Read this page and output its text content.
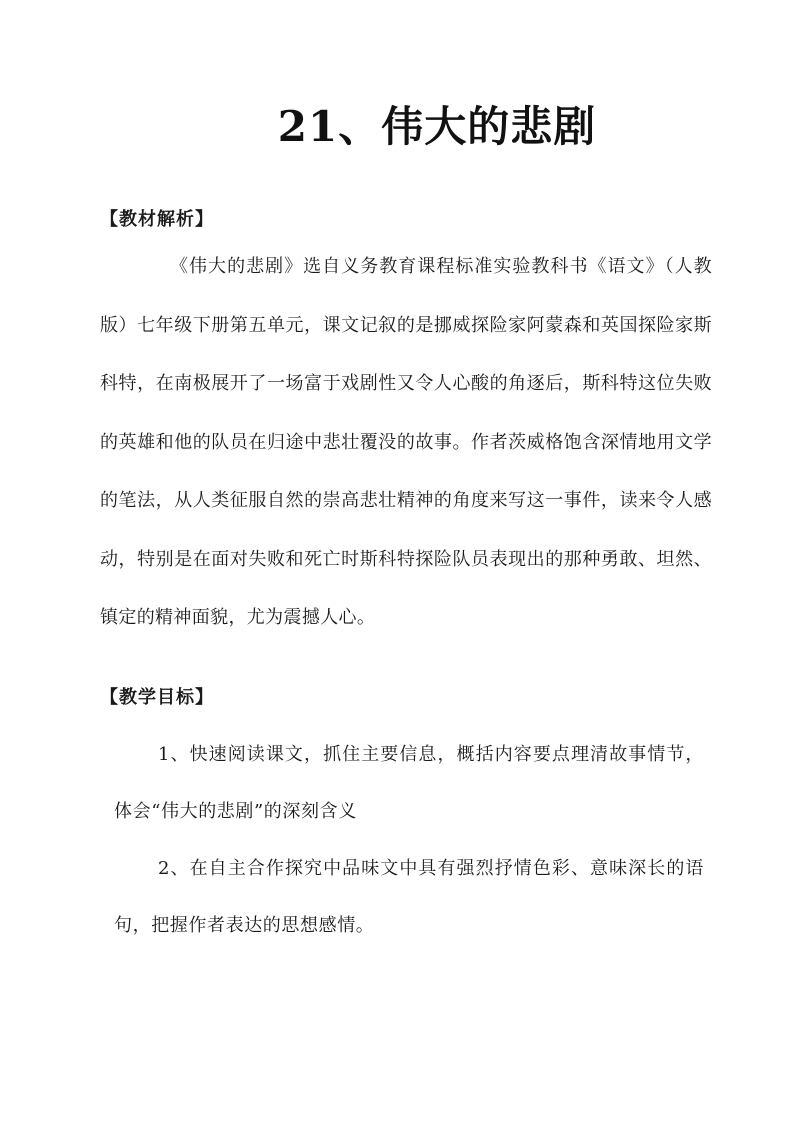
21、伟大的悲剧
【教材解析】

《伟大的悲剧》选自义务教育课程标准实验教科书《语文》（人教版）七年级下册第五单元，课文记叙的是挪威探险家阿蒙森和英国探险家斯科特，在南极展开了一场富于戏剧性又令人心酸的角逐后，斯科特这位失败的英雄和他的队员在归途中悲壮覆没的故事。作者茨威格饱含深情地用文学的笔法，从人类征服自然的崇高悲壮精神的角度来写这一事件，读来令人感动，特别是在面对失败和死亡时斯科特探险队员表现出的那种勇敢、坦然、镇定的精神面貌，尤为震撼人心。

【教学目标】

1、快速阅读课文，抓住主要信息，概括内容要点理清故事情节，体会“伟大的悲剧”的深刻含义

2、在自主合作探究中品味文中具有强烈抒情色彩、意味深长的语句，把握作者表达的思想感情。
